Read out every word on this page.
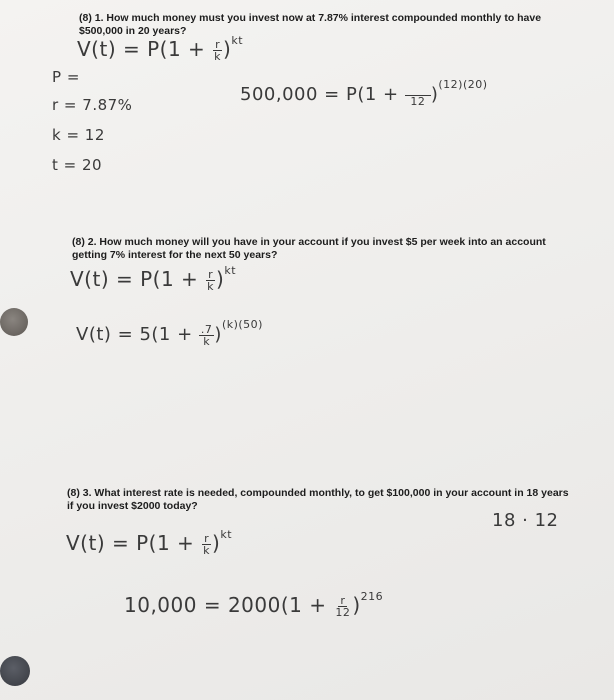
(8) 1. How much money must you invest now at 7.87% interest compounded monthly to have $500,000 in 20 years?
$V(t) = P(1 + \frac{r}{k} )^{kt}$
P =
r = 7.87%
k = 12
t = 20
500,000 = P(1 + 12 )$^{(12)(20)}$
(8) 2. How much money will you have in your account if you invest $5 per week into an account getting 7% interest for the next 50 years?
$V(t) = P(1 + \frac{r}{k} )^{kt}$
$V(t) = 5(1 + \frac{.7}{k} )^{(k)(50)}$
(8) 3. What interest rate is needed, compounded monthly, to get $100,000 in your account in 18 years if you invest $2000 today?
18 · 12
$V(t) = P(1 + \frac{r}{k} )^{kt}$
$10,000 = 2000(1 + \frac{r}{12} )^{216}$
